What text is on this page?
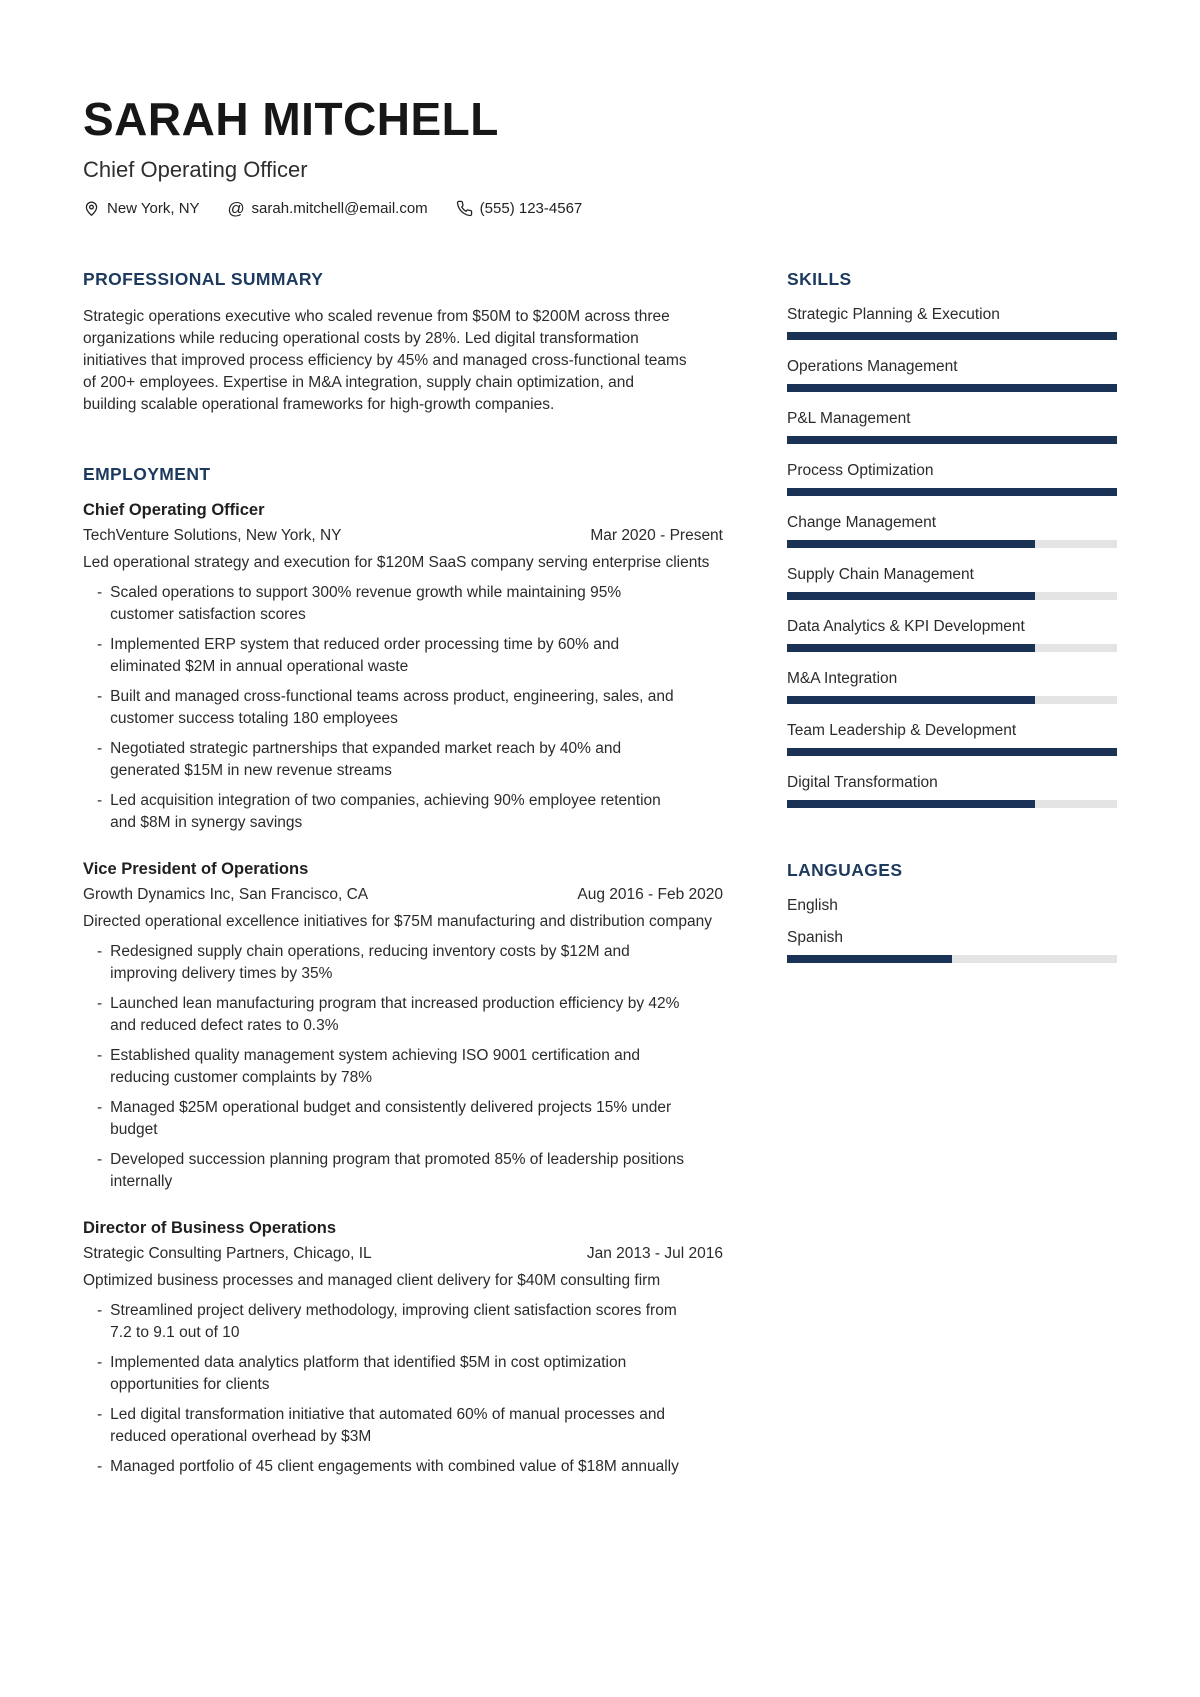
SARAH MITCHELL
Chief Operating Officer
New York, NY @ sarah.mitchell@email.com	(555) 123-4567
PROFESSIONAL SUMMARY

Strategic operations executive who scaled revenue from $50M to $200M across three organizations while reducing operational costs by 28%. Led digital transformation initiatives that improved process efficiency by 45% and managed cross-functional teams of 200+ employees. Expertise in M&A integration, supply chain optimization, and building scalable operational frameworks for high-growth companies.

EMPLOYMENT
Chief Operating Officer
TechVenture Solutions, New York, NY	Mar 2020 - Present

Led operational strategy and execution for $120M SaaS company serving enterprise clients

- Scaled operations to support 300% revenue growth while maintaining 95% customer satisfaction scores
- Implemented ERP system that reduced order processing time by 60% and eliminated $2M in annual operational waste
- Built and managed cross-functional teams across product, engineering, sales, and customer success totaling 180 employees
- Negotiated strategic partnerships that expanded market reach by 40% and generated $15M in new revenue streams
- Led acquisition integration of two companies, achieving 90% employee retention and $8M in synergy savings
Vice President of Operations
Growth Dynamics Inc, San Francisco, CA	Aug 2016 - Feb 2020

Directed operational excellence initiatives for $75M manufacturing and distribution company

- Redesigned supply chain operations, reducing inventory costs by $12M and improving delivery times by 35%
- Launched lean manufacturing program that increased production efficiency by 42% and reduced defect rates to 0.3%
- Established quality management system achieving ISO 9001 certification and reducing customer complaints by 78%
- Managed $25M operational budget and consistently delivered projects 15% under budget
- Developed succession planning program that promoted 85% of leadership positions internally
Director of Business Operations
Strategic Consulting Partners, Chicago, IL	Jan 2013 - Jul 2016

Optimized business processes and managed client delivery for $40M consulting firm

- Streamlined project delivery methodology, improving client satisfaction scores from 7.2 to 9.1 out of 10
- Implemented data analytics platform that identified $5M in cost optimization opportunities for clients
- Led digital transformation initiative that automated 60% of manual processes and reduced operational overhead by $3M
- Managed portfolio of 45 client engagements with combined value of $18M annually
SKILLS
Strategic Planning & Execution
Operations Management
P&L Management
Process Optimization
Change Management
Supply Chain Management
Data Analytics & KPI Development
M&A Integration
Team Leadership & Development
Digital Transformation
LANGUAGES
English
Spanish
